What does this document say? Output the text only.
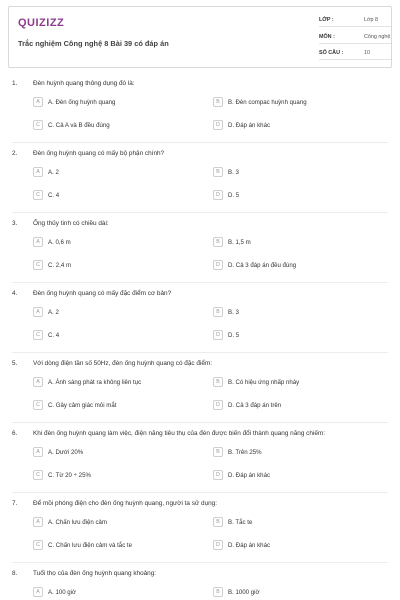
QUIZIZZ
Trắc nghiệm Công nghệ 8 Bài 39 có đáp án
LỚP :	Lớp 8
MÔN :	Công nghệ
SỐ CÂU :	10
1. Đèn huỳnh quang thông dụng đó là:
A	A. Đèn ống huỳnh quang	B	B. Đèn compac huỳnh quang
C	C. Cả A và B đều đúng	D	D. Đáp án khác
2. Đèn ống huỳnh quang có mấy bộ phận chính?
A	A. 2	B	B. 3
C	C. 4	D	D. 5
3. Ống thủy tinh có chiều dài:
A	A. 0,6 m	B	B. 1,5 m
C	C. 2,4 m	D	D. Cả 3 đáp án đều đúng
4. Đèn ống huỳnh quang có mấy đặc điểm cơ bản?
A	A. 2	B	B. 3
C	C. 4	D	D. 5
5. Với dòng điện tần số 50Hz, đèn ống huỳnh quang có đặc điểm:
A	A. Ánh sáng phát ra không liên tục	B	B. Có hiệu ứng nhấp nháy
C	C. Gây cảm giác mỏi mắt	D	D. Cả 3 đáp án trên
6. Khi đèn ống huỳnh quang làm việc, điện năng tiêu thụ của đèn được biến đổi thành quang năng chiếm:
A	A. Dưới 20%	B	B. Trên 25%
C	C. Từ 20 ÷ 25%	D	D. Đáp án khác
7. Để mồi phóng điện cho đèn ống huỳnh quang, người ta sử dụng:
A	A. Chấn lưu điện cảm	B	B. Tắc te
C	C. Chấn lưu điện cảm và tắc te	D	D. Đáp án khác
8. Tuổi thọ của đèn ống huỳnh quang khoảng:
A	A. 100 giờ	B	B. 1000 giờ
